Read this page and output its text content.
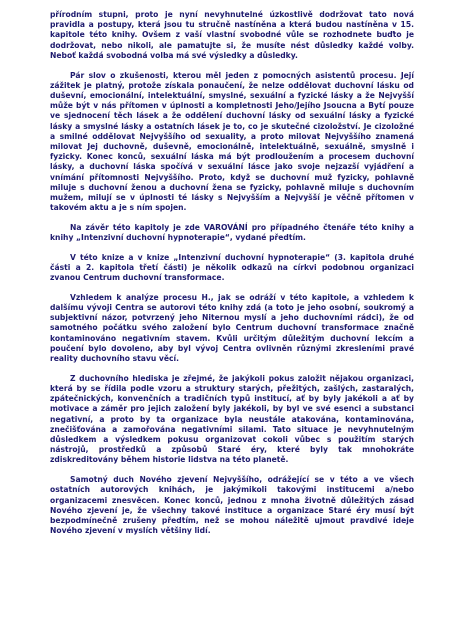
přírodním stupni, proto je nyní nevyhnutelné úzkostlivě dodržovat tato nová pravidla a postupy, která jsou tu stručně nastíněna a která budou nastíněna v 15. kapitole této knihy. Ovšem z vaší vlastní svobodné vůle se rozhodnete buďto je dodržovat, nebo nikoli, ale pamatujte si, že musíte nést důsledky každé volby. Neboť každá svobodná volba má své výsledky a důsledky.

Pár slov o zkušenosti, kterou měl jeden z pomocných asistentů procesu. Její zážitek je platný, protože získala ponaučení, že nelze oddělovat duchovní lásku od duševní, emocionální, intelektuální, smyslné, sexuální a fyzické lásky a že Nejvyšší může být v nás přítomen v úplnosti a kompletnosti Jeho/Jejího Jsoucna a Bytí pouze ve sjednocení těch lásek a že oddělení duchovní lásky od sexuální lásky a fyzické lásky a smyslné lásky a ostatních lásek je to, co je skutečné cizoložství. Je cizoložné a smilné oddělovat Nejvyššího od sexuality, a proto milovat Nejvyššího znamená milovat Jej duchovně, duševně, emocionálně, intelektuálně, sexuálně, smyslně i fyzicky. Konec konců, sexuální láska má být prodloužením a procesem duchovní lásky, a duchovní láska spočívá v sexuální lásce jako svoje nejzazší vyjádření a vnímání přítomnosti Nejvyššího. Proto, když se duchovní muž fyzicky, pohlavně miluje s duchovní ženou a duchovní žena se fyzicky, pohlavně miluje s duchovním mužem, milují se v úplnosti té lásky s Nejvyšším a Nejvyšší je věčně přítomen v takovém aktu a je s ním spojen.

Na závěr této kapitoly je zde VAROVÁNÍ pro případného čtenáře této knihy a knihy „Intenzivní duchovní hypnoterapie“, vydané předtím.

V této knize a v knize „Intenzivní duchovní hypnoterapie“ (3. kapitola druhé části a 2. kapitola třetí části) je několik odkazů na církvi podobnou organizaci zvanou Centrum duchovní transformace.

Vzhledem k analýze procesu H., jak se odráží v této kapitole, a vzhledem k dalšímu vývoji Centra se autorovi této knihy zdá (a toto je jeho osobní, soukromý a subjektivní názor, potvrzený jeho Niternou myslí a jeho duchovními rádci), že od samotného počátku svého založení bylo Centrum duchovní transformace značně kontaminováno negativním stavem. Kvůli určitým důležitým duchovní lekcím a poučení bylo dovoleno, aby byl vývoj Centra ovlivněn různými zkresleními pravé reality duchovního stavu věcí.

Z duchovního hlediska je zřejmé, že jakýkoli pokus založit nějakou organizaci, která by se řídila podle vzoru a struktury starých, přežitých, zašlých, zastaralých, zpátečnických, konvenčních a tradičních typů institucí, ať by byly jakékoli a ať by motivace a záměr pro jejich založení byly jakékoli, by byl ve své esenci a substanci negativní, a proto by ta organizace byla neustále atakována, kontaminována, znečišťována a zamořována negativními silami. Tato situace je nevyhnutelným důsledkem a výsledkem pokusu organizovat cokoli vůbec s použitím starých nástrojů, prostředků a způsobů Staré éry, které byly tak mnohokráte zdiskreditovány během historie lidstva na této planetě.

Samotný duch Nového zjevení Nejvyššího, odrážející se v této a ve všech ostatních autorových knihách, je jakýmikoli takovými institucemi a/nebo organizacemi znesvěcen. Konec konců, jednou z mnoha životně důležitých zásad Nového zjevení je, že všechny takové instituce a organizace Staré éry musí být bezpodmínečně zrušeny předtím, než se mohou náležitě ujmout pravdivé ideje Nového zjevení v myslích většiny lidí.
